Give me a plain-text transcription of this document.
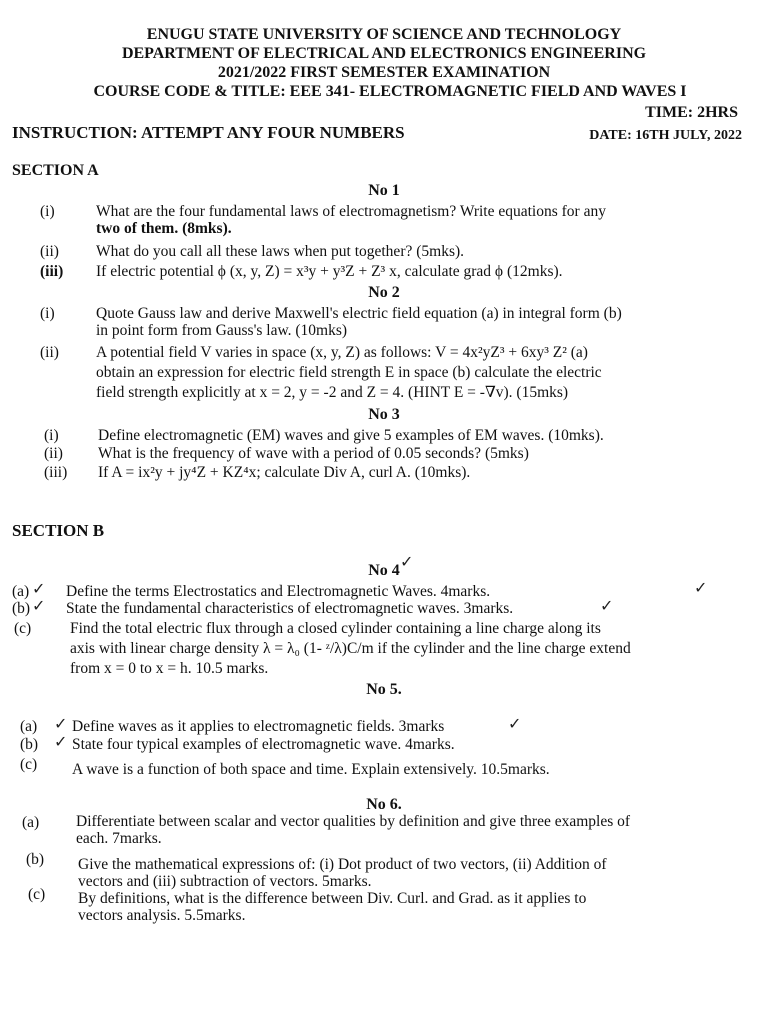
ENUGU STATE UNIVERSITY OF SCIENCE AND TECHNOLOGY
DEPARTMENT OF ELECTRICAL AND ELECTRONICS ENGINEERING
2021/2022 FIRST SEMESTER EXAMINATION
COURSE CODE & TITLE: EEE 341- ELECTROMAGNETIC FIELD AND WAVES I
TIME: 2HRS
INSTRUCTION: ATTEMPT ANY FOUR NUMBERS	DATE: 16TH JULY, 2022
SECTION A
No 1
(i)	What are the four fundamental laws of electromagnetism? Write equations for any
two of them. (8mks).
(ii) What do you call all these laws when put together? (5mks).
(iii) If electric potential ϕ (x, y, Z) = x³y + y³Z + Z³ x, calculate grad ϕ (12mks).
No 2
(i)	Quote Gauss law and derive Maxwell's electric field equation (a) in integral form (b)
in point form from Gauss's law. (10mks)
(ii) A potential field V varies in space (x, y, Z) as follows: V = 4x²yZ³ + 6xy³ Z² (a)
obtain an expression for electric field strength E in space (b) calculate the electric
field strength explicitly at x = 2, y = -2 and Z = 4. (HINT E = -∇v). (15mks)
No 3
(i)	Define electromagnetic (EM) waves and give 5 examples of EM waves. (10mks).
(ii) What is the frequency of wave with a period of 0.05 seconds? (5mks)
(iii) If A = ix²y + jy⁴Z + KZ⁴x; calculate Div A, curl A. (10mks).
SECTION B
No 4 ✓
(a) ✓ Define the terms Electrostatics and Electromagnetic Waves. 4marks.	✓
(b) ✓ State the fundamental characteristics of electromagnetic waves. 3marks.	✓
(c)	Find the total electric flux through a closed cylinder containing a line charge along its
axis with linear charge density λ = λ₀ (1- ᶻ/λ)C/m if the cylinder and the line charge extend
from x = 0 to x = h. 10.5 marks.
No 5.
(a) ✓ Define waves as it applies to electromagnetic fields. 3marks	✓
(b) ✓ State four typical examples of electromagnetic wave. 4marks.
(c) A wave is a function of both space and time. Explain extensively. 10.5marks.
No 6.
(a) Differentiate between scalar and vector qualities by definition and give three examples of
each. 7marks.
(b) Give the mathematical expressions of: (i) Dot product of two vectors, (ii) Addition of
vectors and (iii) subtraction of vectors. 5marks.
(c) By definitions, what is the difference between Div. Curl. and Grad. as it applies to
vectors analysis. 5.5marks.
